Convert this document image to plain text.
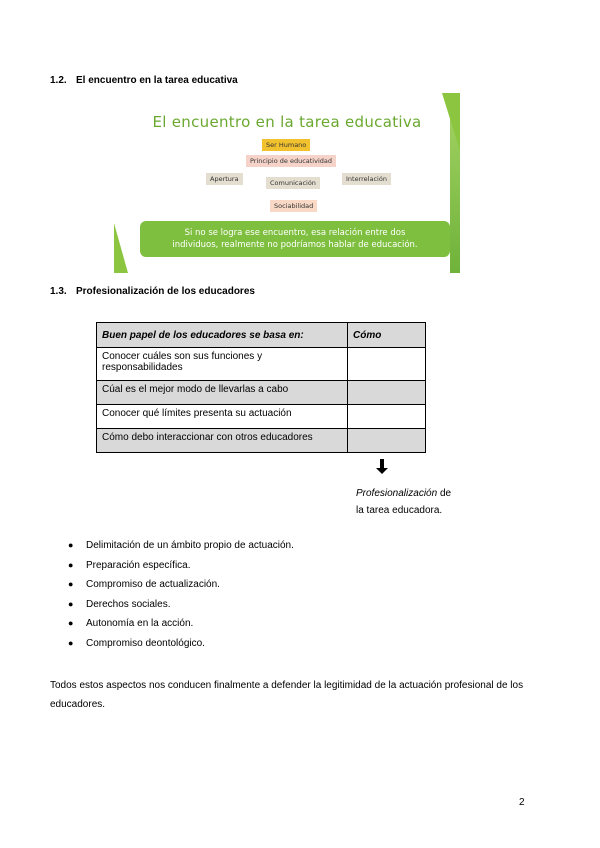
1.2. El encuentro en la tarea educativa
El encuentro en la tarea educativa
Ser Humano
Principio de educatividad
Apertura	Comunicación	Interrelación
Sociabilidad
Si no se logra ese encuentro, esa relación entre dos
individuos, realmente no podríamos hablar de educación.
1.3. Profesionalización de los educadores
Buen papel de los educadores se basa en:	Cómo
Conocer cuáles son sus funciones y responsabilidades	
Cúal es el mejor modo de llevarlas a cabo	
Conocer qué límites presenta su actuación	
Cómo debo interaccionar con otros educadores	
Profesionalización de
la tarea educadora.
●	Delimitación de un ámbito propio de actuación.
●	Preparación específica.
●	Compromiso de actualización.
●	Derechos sociales.
●	Autonomía en la acción.
●	Compromiso deontológico.
Todos estos aspectos nos conducen finalmente a defender la legitimidad de la actuación profesional de los educadores.
2
